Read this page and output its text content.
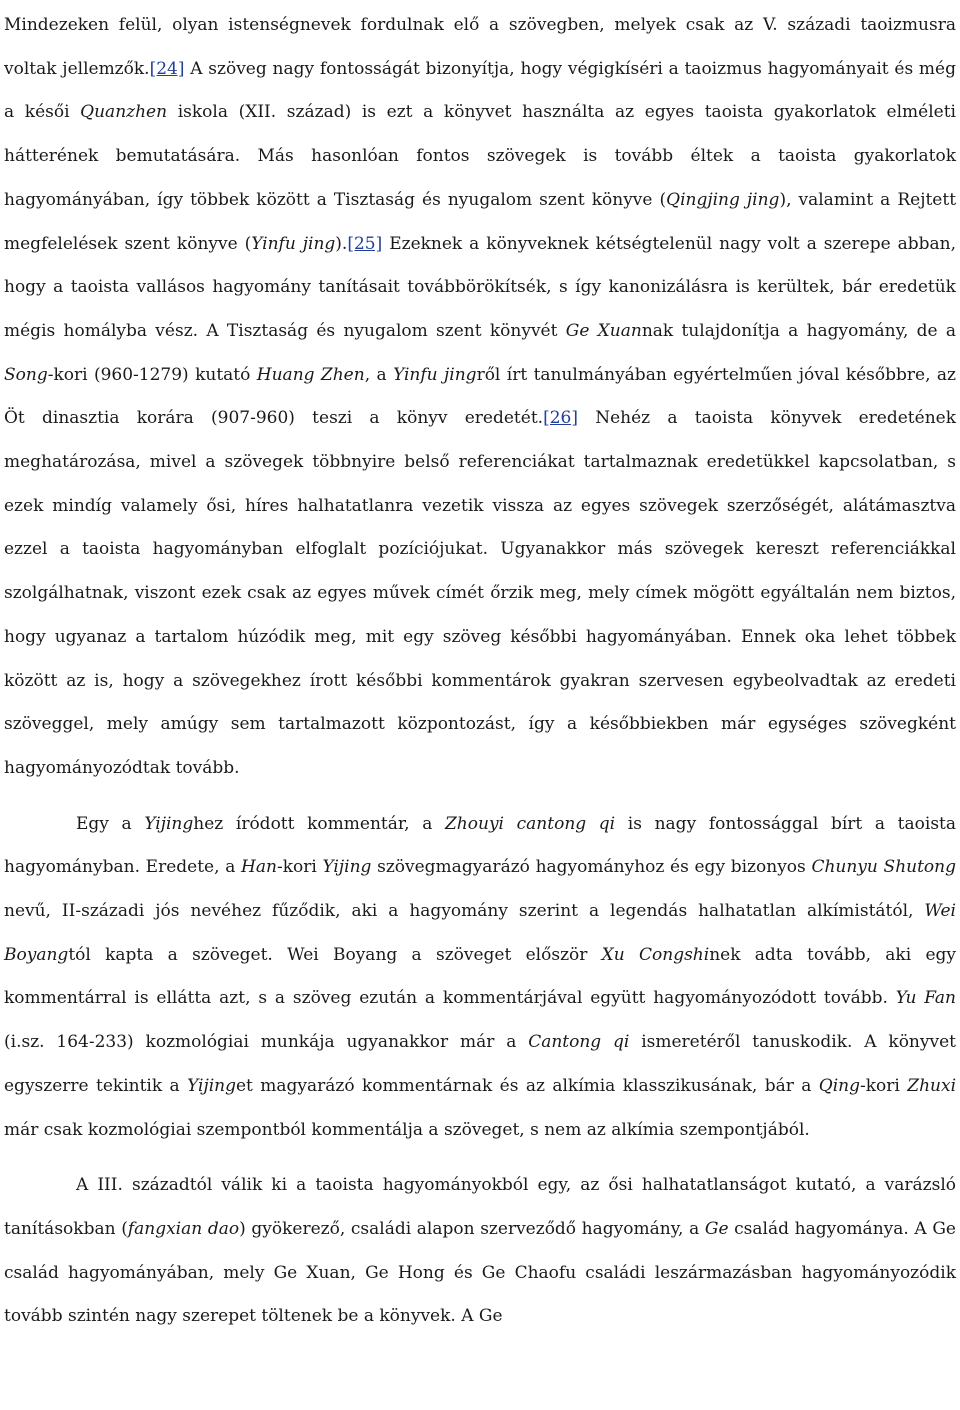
Mindezeken felül, olyan istenségnevek fordulnak elő a szövegben, melyek csak az V. századi taoizmusra voltak jellemzők.[24] A szöveg nagy fontosságát bizonyítja, hogy végigkíséri a taoizmus hagyományait és még a késői Quanzhen iskola (XII. század) is ezt a könyvet használta az egyes taoista gyakorlatok elméleti hátterének bemutatására. Más hasonlóan fontos szövegek is tovább éltek a taoista gyakorlatok hagyományában, így többek között a Tisztaság és nyugalom szent könyve (Qingjing jing), valamint a Rejtett megfelelések szent könyve (Yinfu jing).[25] Ezeknek a könyveknek kétségtelenül nagy volt a szerepe abban, hogy a taoista vallásos hagyomány tanításait továbbörökítsék, s így kanonizálásra is kerültek, bár eredetük mégis homályba vész. A Tisztaság és nyugalom szent könyvét Ge Xuannak tulajdonítja a hagyomány, de a Song-kori (960-1279) kutató Huang Zhen, a Yinfu jingről írt tanulmányában egyértelműen jóval későbbre, az Öt dinasztia korára (907-960) teszi a könyv eredetét.[26] Nehéz a taoista könyvek eredetének meghatározása, mivel a szövegek többnyire belső referenciákat tartalmaznak eredetükkel kapcsolatban, s ezek mindíg valamely ősi, híres halhatatlanra vezetik vissza az egyes szövegek szerzőségét, alátámasztva ezzel a taoista hagyományban elfoglalt pozíciójukat. Ugyanakkor más szövegek kereszt referenciákkal szolgálhatnak, viszont ezek csak az egyes művek címét őrzik meg, mely címek mögött egyáltalán nem biztos, hogy ugyanaz a tartalom húzódik meg, mit egy szöveg későbbi hagyományában. Ennek oka lehet többek között az is, hogy a szövegekhez írott későbbi kommentárok gyakran szervesen egybeolvadtak az eredeti szöveggel, mely amúgy sem tartalmazott központozást, így a későbbiekben már egységes szövegként hagyományozódtak tovább.

Egy a Yijinghez íródott kommentár, a Zhouyi cantong qi is nagy fontossággal bírt a taoista hagyományban. Eredete, a Han-kori Yijing szövegmagyarázó hagyományhoz és egy bizonyos Chunyu Shutong nevű, II-századi jós nevéhez fűződik, aki a hagyomány szerint a legendás halhatatlan alkímistától, Wei Boyangtól kapta a szöveget. Wei Boyang a szöveget először Xu Congshinek adta tovább, aki egy kommentárral is ellátta azt, s a szöveg ezután a kommentárjával együtt hagyományozódott tovább. Yu Fan (i.sz. 164-233) kozmológiai munkája ugyanakkor már a Cantong qi ismeretéről tanuskodik. A könyvet egyszerre tekintik a Yijinget magyarázó kommentárnak és az alkímia klasszikusának, bár a Qing-kori Zhuxi már csak kozmológiai szempontból kommentálja a szöveget, s nem az alkímia szempontjából.

A III. századtól válik ki a taoista hagyományokból egy, az ősi halhatatlanságot kutató, a varázsló tanításokban (fangxian dao) gyökerező, családi alapon szerveződő hagyomány, a Ge család hagyománya. A Ge család hagyományában, mely Ge Xuan, Ge Hong és Ge Chaofu családi leszármazásban hagyományozódik tovább szintén nagy szerepet töltenek be a könyvek. A Ge
